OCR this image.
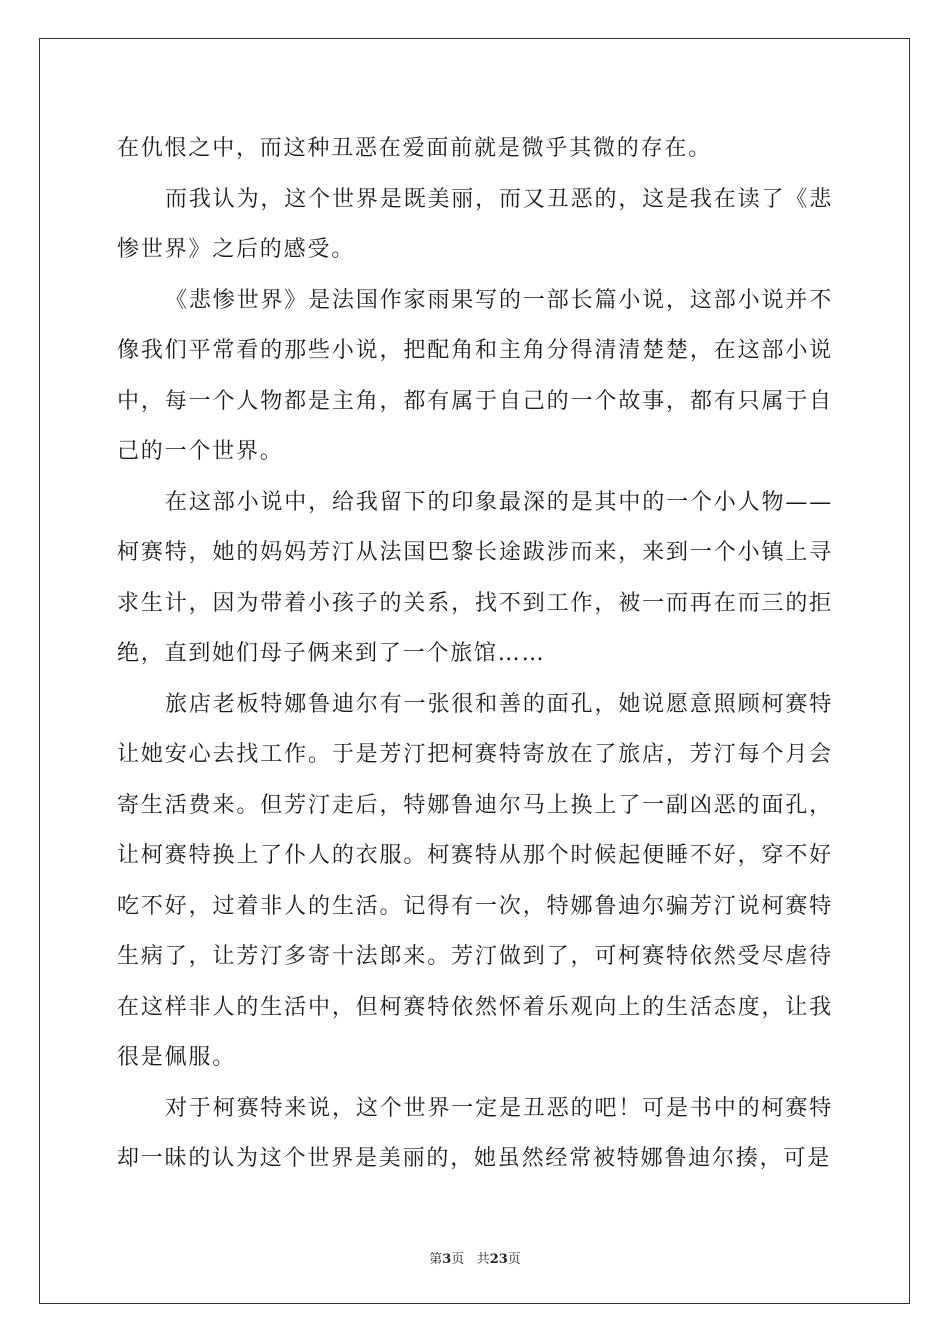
在仇恨之中，而这种丑恶在爱面前就是微乎其微的存在。

而我认为，这个世界是既美丽，而又丑恶的，这是我在读了《悲惨世界》之后的感受。

《悲惨世界》是法国作家雨果写的一部长篇小说，这部小说并不像我们平常看的那些小说，把配角和主角分得清清楚楚，在这部小说中，每一个人物都是主角，都有属于自己的一个故事，都有只属于自己的一个世界。

在这部小说中，给我留下的印象最深的是其中的一个小人物——柯赛特，她的妈妈芳汀从法国巴黎长途跋涉而来，来到一个小镇上寻求生计，因为带着小孩子的关系，找不到工作，被一而再在而三的拒绝，直到她们母子俩来到了一个旅馆……

旅店老板特娜鲁迪尔有一张很和善的面孔，她说愿意照顾柯赛特让她安心去找工作。于是芳汀把柯赛特寄放在了旅店，芳汀每个月会寄生活费来。但芳汀走后，特娜鲁迪尔马上换上了一副凶恶的面孔，让柯赛特换上了仆人的衣服。柯赛特从那个时候起便睡不好，穿不好吃不好，过着非人的生活。记得有一次，特娜鲁迪尔骗芳汀说柯赛特生病了，让芳汀多寄十法郎来。芳汀做到了，可柯赛特依然受尽虐待在这样非人的生活中，但柯赛特依然怀着乐观向上的生活态度，让我很是佩服。

对于柯赛特来说，这个世界一定是丑恶的吧！可是书中的柯赛特却一昧的认为这个世界是美丽的，她虽然经常被特娜鲁迪尔揍，可是

第3页 共23页
